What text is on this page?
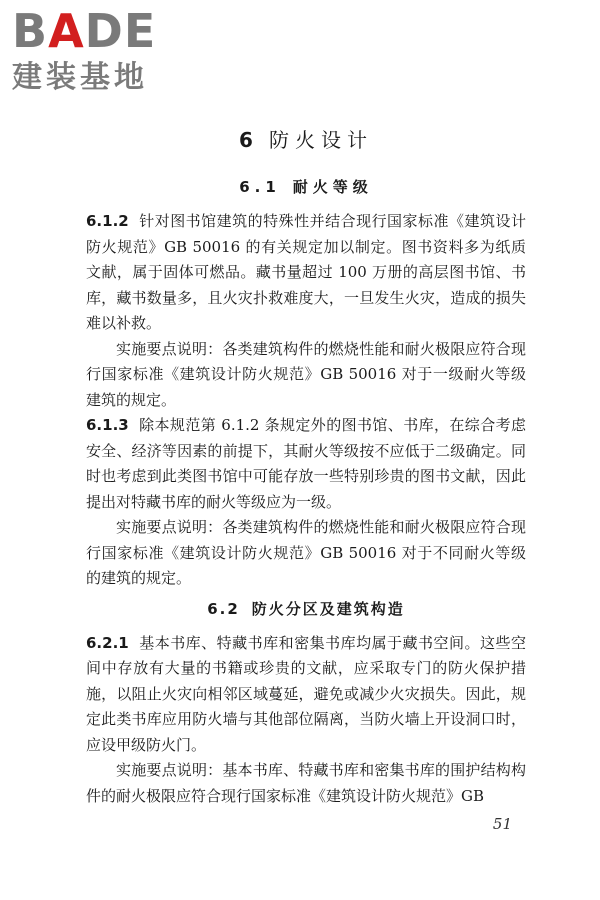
BADE
建装基地
6 防火设计
6.1 耐火等级

6.1.2 针对图书馆建筑的特殊性并结合现行国家标准《建筑设计防火规范》GB 50016 的有关规定加以制定。图书资料多为纸质文献，属于固体可燃品。藏书量超过 100 万册的高层图书馆、书库，藏书数量多，且火灾扑救难度大，一旦发生火灾，造成的损失难以补救。

实施要点说明：各类建筑构件的燃烧性能和耐火极限应符合现行国家标准《建筑设计防火规范》GB 50016 对于一级耐火等级建筑的规定。

6.1.3 除本规范第 6.1.2 条规定外的图书馆、书库，在综合考虑安全、经济等因素的前提下，其耐火等级按不应低于二级确定。同时也考虑到此类图书馆中可能存放一些特别珍贵的图书文献，因此提出对特藏书库的耐火等级应为一级。

实施要点说明：各类建筑构件的燃烧性能和耐火极限应符合现行国家标准《建筑设计防火规范》GB 50016 对于不同耐火等级的建筑的规定。

6.2 防火分区及建筑构造

6.2.1 基本书库、特藏书库和密集书库均属于藏书空间。这些空间中存放有大量的书籍或珍贵的文献，应采取专门的防火保护措施，以阻止火灾向相邻区域蔓延，避免或减少火灾损失。因此，规定此类书库应用防火墙与其他部位隔离，当防火墙上开设洞口时，应设甲级防火门。

实施要点说明：基本书库、特藏书库和密集书库的围护结构构件的耐火极限应符合现行国家标准《建筑设计防火规范》GB

51
